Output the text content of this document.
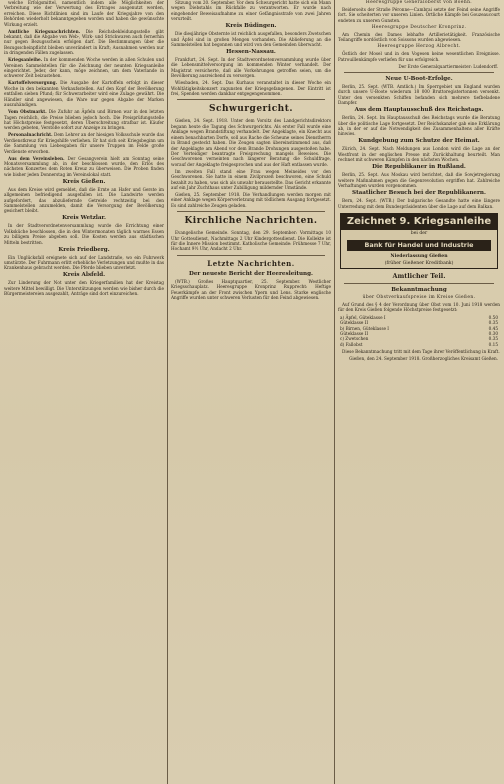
welche Erfolgsmittel, namentlich indem alle Möglichkeiten der Verbreitung wie der Verwertung des Ertrages ausgenutzt werden, erreichen. Diese Richtlinien sind im Laufe der Kriegsjahre von den Behörden wiederholt bekanntgegeben worden und haben die gewünschte Wirkung erzielt.

Amtliche Kriegsnachrichten. Die Reichsbekleidungsstelle gibt bekannt, daß die Abgabe von Web-, Wirk- und Strickwaren auch fernerhin nur gegen Bezugsschein erfolgen darf. Die Bestimmungen über die Bezugsscheinpflicht bleiben unverändert in Kraft; Ausnahmen werden nur in dringenden Fällen zugelassen.

Kriegsanleihe. In der kommenden Woche werden in allen Schulen und Vereinen Sammelstellen für die Zeichnung der neunten Kriegsanleihe eingerichtet. Jeder, der kann, möge zeichnen, um dem Vaterlande in schwerer Zeit beizustehen.

Kartoffelversorgung. Die Ausgabe der Kartoffeln erfolgt in dieser Woche in den bekannten Verkaufsstellen. Auf den Kopf der Bevölkerung entfallen sieben Pfund; für Schwerarbeiter wird eine Zulage gewährt. Die Händler sind angewiesen, die Ware nur gegen Abgabe der Marken auszuhändigen.

Vom Obstmarkt. Die Zufuhr an Äpfeln und Birnen war in den letzten Tagen reichlich, die Preise blieben jedoch hoch. Die Preisprüfungsstelle hat Höchstpreise festgesetzt, deren Überschreitung strafbar ist. Käufer werden gebeten, Verstöße sofort zur Anzeige zu bringen.

Personalnachricht. Dem Lehrer an der hiesigen Volksschule wurde das Verdienstkreuz für Kriegshilfe verliehen. Er hat sich seit Kriegsbeginn um die Sammlung von Liebesgaben für unsere Truppen im Felde große Verdienste erworben.

Aus dem Vereinsleben. Der Gesangverein hielt am Sonntag seine Monatsversammlung ab, in der beschlossen wurde, den Erlös des nächsten Konzertes dem Roten Kreuz zu überweisen. Die Proben finden wie bisher jeden Donnerstag im Vereinslokal statt.

Kreis Gießen.

Aus dem Kreise wird gemeldet, daß die Ernte an Hafer und Gerste im allgemeinen befriedigend ausgefallen ist. Die Landwirte werden aufgefordert, das abzuliefernde Getreide rechtzeitig bei den Sammelstellen anzumelden, damit die Versorgung der Bevölkerung gesichert bleibt.

Kreis Wetzlar.

In der Stadtverordnetenversammlung wurde die Errichtung einer Volksküche beschlossen, die in den Wintermonaten täglich warmes Essen zu billigem Preise abgeben soll. Die Kosten werden aus städtischen Mitteln bestritten.

Kreis Friedberg.

Ein Unglücksfall ereignete sich auf der Landstraße, wo ein Fuhrwerk umstürzte. Der Fuhrmann erlitt erhebliche Verletzungen und mußte in das Krankenhaus gebracht werden. Die Pferde blieben unverletzt.

Kreis Alsfeld.

Zur Linderung der Not unter den Kriegerfamilien hat der Kreistag weitere Mittel bewilligt. Die Unterstützungen werden wie bisher durch die Bürgermeistereien ausgezahlt, Anträge sind dort einzureichen.

Sitzung vom 20. September. Vor dem Schwurgericht hatte sich ein Mann wegen Diebstahls im Rückfalle zu verantworten. Er wurde nach eingehender Beweisaufnahme zu einer Gefängnisstrafe von zwei Jahren verurteilt.

Kreis Büdingen.

Die diesjährige Obsternte ist reichlich ausgefallen, besonders Zwetschen und Äpfel sind in großen Mengen vorhanden. Die Ablieferung an die Sammelstellen hat begonnen und wird von den Gemeinden überwacht.

Hessen-Nassau.

Frankfurt, 24. Sept. In der Stadtverordnetenversammlung wurde über die Lebensmittelversorgung im kommenden Winter verhandelt. Der Magistrat versicherte, daß alle Vorkehrungen getroffen seien, um die Bevölkerung ausreichend zu versorgen.

Wiesbaden, 24. Sept. Das Kurhaus veranstaltet in dieser Woche ein Wohltätigkeitskonzert zugunsten der Kriegsgefangenen. Der Eintritt ist frei, Spenden werden dankbar entgegengenommen.

Schwurgericht.

Gießen, 24. Sept. 1918. Unter dem Vorsitz des Landgerichtsdirektors begann heute die Tagung des Schwurgerichts. Als erster Fall wurde eine Anklage wegen Brandstiftung verhandelt. Der Angeklagte, ein Knecht aus einem benachbarten Dorfe, soll aus Rache die Scheune seines Dienstherrn in Brand gesteckt haben. Die Zeugen sagten übereinstimmend aus, daß der Angeklagte am Abend vor dem Brande Drohungen ausgestoßen habe. Der Verteidiger beantragte Freisprechung mangels Beweises. Die Geschworenen verneinten nach längerer Beratung die Schuldfrage, worauf der Angeklagte freigesprochen und aus der Haft entlassen wurde.

Im zweiten Fall stand eine Frau wegen Meineides vor den Geschworenen. Sie hatte in einem Zivilprozeß beschworen, eine Schuld bezahlt zu haben, was sich als unwahr herausstellte. Das Gericht erkannte auf ein Jahr Zuchthaus unter Zubilligung mildernder Umstände.

Gießen, 25. September 1918. Die Verhandlungen werden morgen mit einer Anklage wegen Körperverletzung mit tödlichem Ausgang fortgesetzt. Es sind zahlreiche Zeugen geladen.

Kirchliche Nachrichten.

Evangelische Gemeinde. Sonntag, den 29. September: Vormittags 10 Uhr Gottesdienst, Nachmittags 2 Uhr Kindergottesdienst. Die Kollekte ist für die Innere Mission bestimmt. Katholische Gemeinde: Frühmesse 7 Uhr, Hochamt 9½ Uhr, Andacht 2 Uhr.

Letzte Nachrichten.
Der neueste Bericht der Heeresleitung.

(WTB.) Großes Hauptquartier, 25. September. Westlicher Kriegsschauplatz. Heeresgruppe Kronprinz Rupprecht: Heftige Feuerkämpfe an der Front zwischen Ypern und Lens. Starke englische Angriffe wurden unter schweren Verlusten für den Feind abgewiesen.

Heeresgruppe Generaloberst von Boehn.

Beiderseits der Straße Péronne—Cambrai setzte der Feind seine Angriffe fort. Sie scheiterten vor unseren Linien. Örtliche Kämpfe bei Gouzeaucourt endeten zu unseren Gunsten.

Heeresgruppe Deutscher Kronprinz.

Am Chemin des Dames lebhafte Artillerietätigkeit. Französische Teilangriffe nordöstlich von Soissons wurden abgewiesen.

Heeresgruppe Herzog Albrecht.

Östlich der Mosel und in den Vogesen keine wesentlichen Ereignisse. Patrouillenkämpfe verliefen für uns erfolgreich.

Der Erste Generalquartiermeister: Ludendorff.
Neue U-Boot-Erfolge.

Berlin, 25. Sept. (WTB. Amtlich.) Im Sperrgebiet um England wurden durch unsere U-Boote wiederum 18 000 Bruttoregistertonnen versenkt. Unter den versenkten Schiffen befanden sich mehrere tiefbeladene Dampfer.

Aus dem Hauptausschuß des Reichstags.

Berlin, 24. Sept. Im Hauptausschuß des Reichstags wurde die Beratung über die politische Lage fortgesetzt. Der Reichskanzler gab eine Erklärung ab, in der er auf die Notwendigkeit des Zusammenhaltens aller Kräfte hinwies.

Kundgebung zum Schutze der Heimat.

Zürich, 24. Sept. Nach Meldungen aus London wird die Lage an der Westfront in der englischen Presse mit Zurückhaltung beurteilt. Man rechnet mit schweren Kämpfen in den nächsten Wochen.

Die Republikaner in Rußland.

Berlin, 25. Sept. Aus Moskau wird berichtet, daß die Sowjetregierung weitere Maßnahmen gegen die Gegenrevolution ergriffen hat. Zahlreiche Verhaftungen wurden vorgenommen.

Staatlicher Besuch bei der Republikanern.

Bern, 24. Sept. (WTB.) Der bulgarische Gesandte hatte eine längere Unterredung mit dem Bundespräsidenten über die Lage auf dem Balkan.

Zeichnet 9. Kriegsanleihe
bei der
Bank für Handel und Industrie
Niederlassung Gießen
(früher Gießener Kreditbank)
Amtlicher Teil.
Bekanntmachung
über Obstverkaufspreise im Kreise Gießen.

Auf Grund des § 4 der Verordnung über Obst vom 10. Juni 1918 werden für den Kreis Gießen folgende Höchstpreise festgesetzt:

a) Äpfel, Güteklasse I	0.50
Güteklasse II	0.35
b) Birnen, Güteklasse I	0.45
Güteklasse II	0.30
c) Zwetschen	0.35
d) Fallobst	0.15

Diese Bekanntmachung tritt mit dem Tage ihrer Veröffentlichung in Kraft.

Gießen, den 24. September 1918. Großherzogliches Kreisamt Gießen.
